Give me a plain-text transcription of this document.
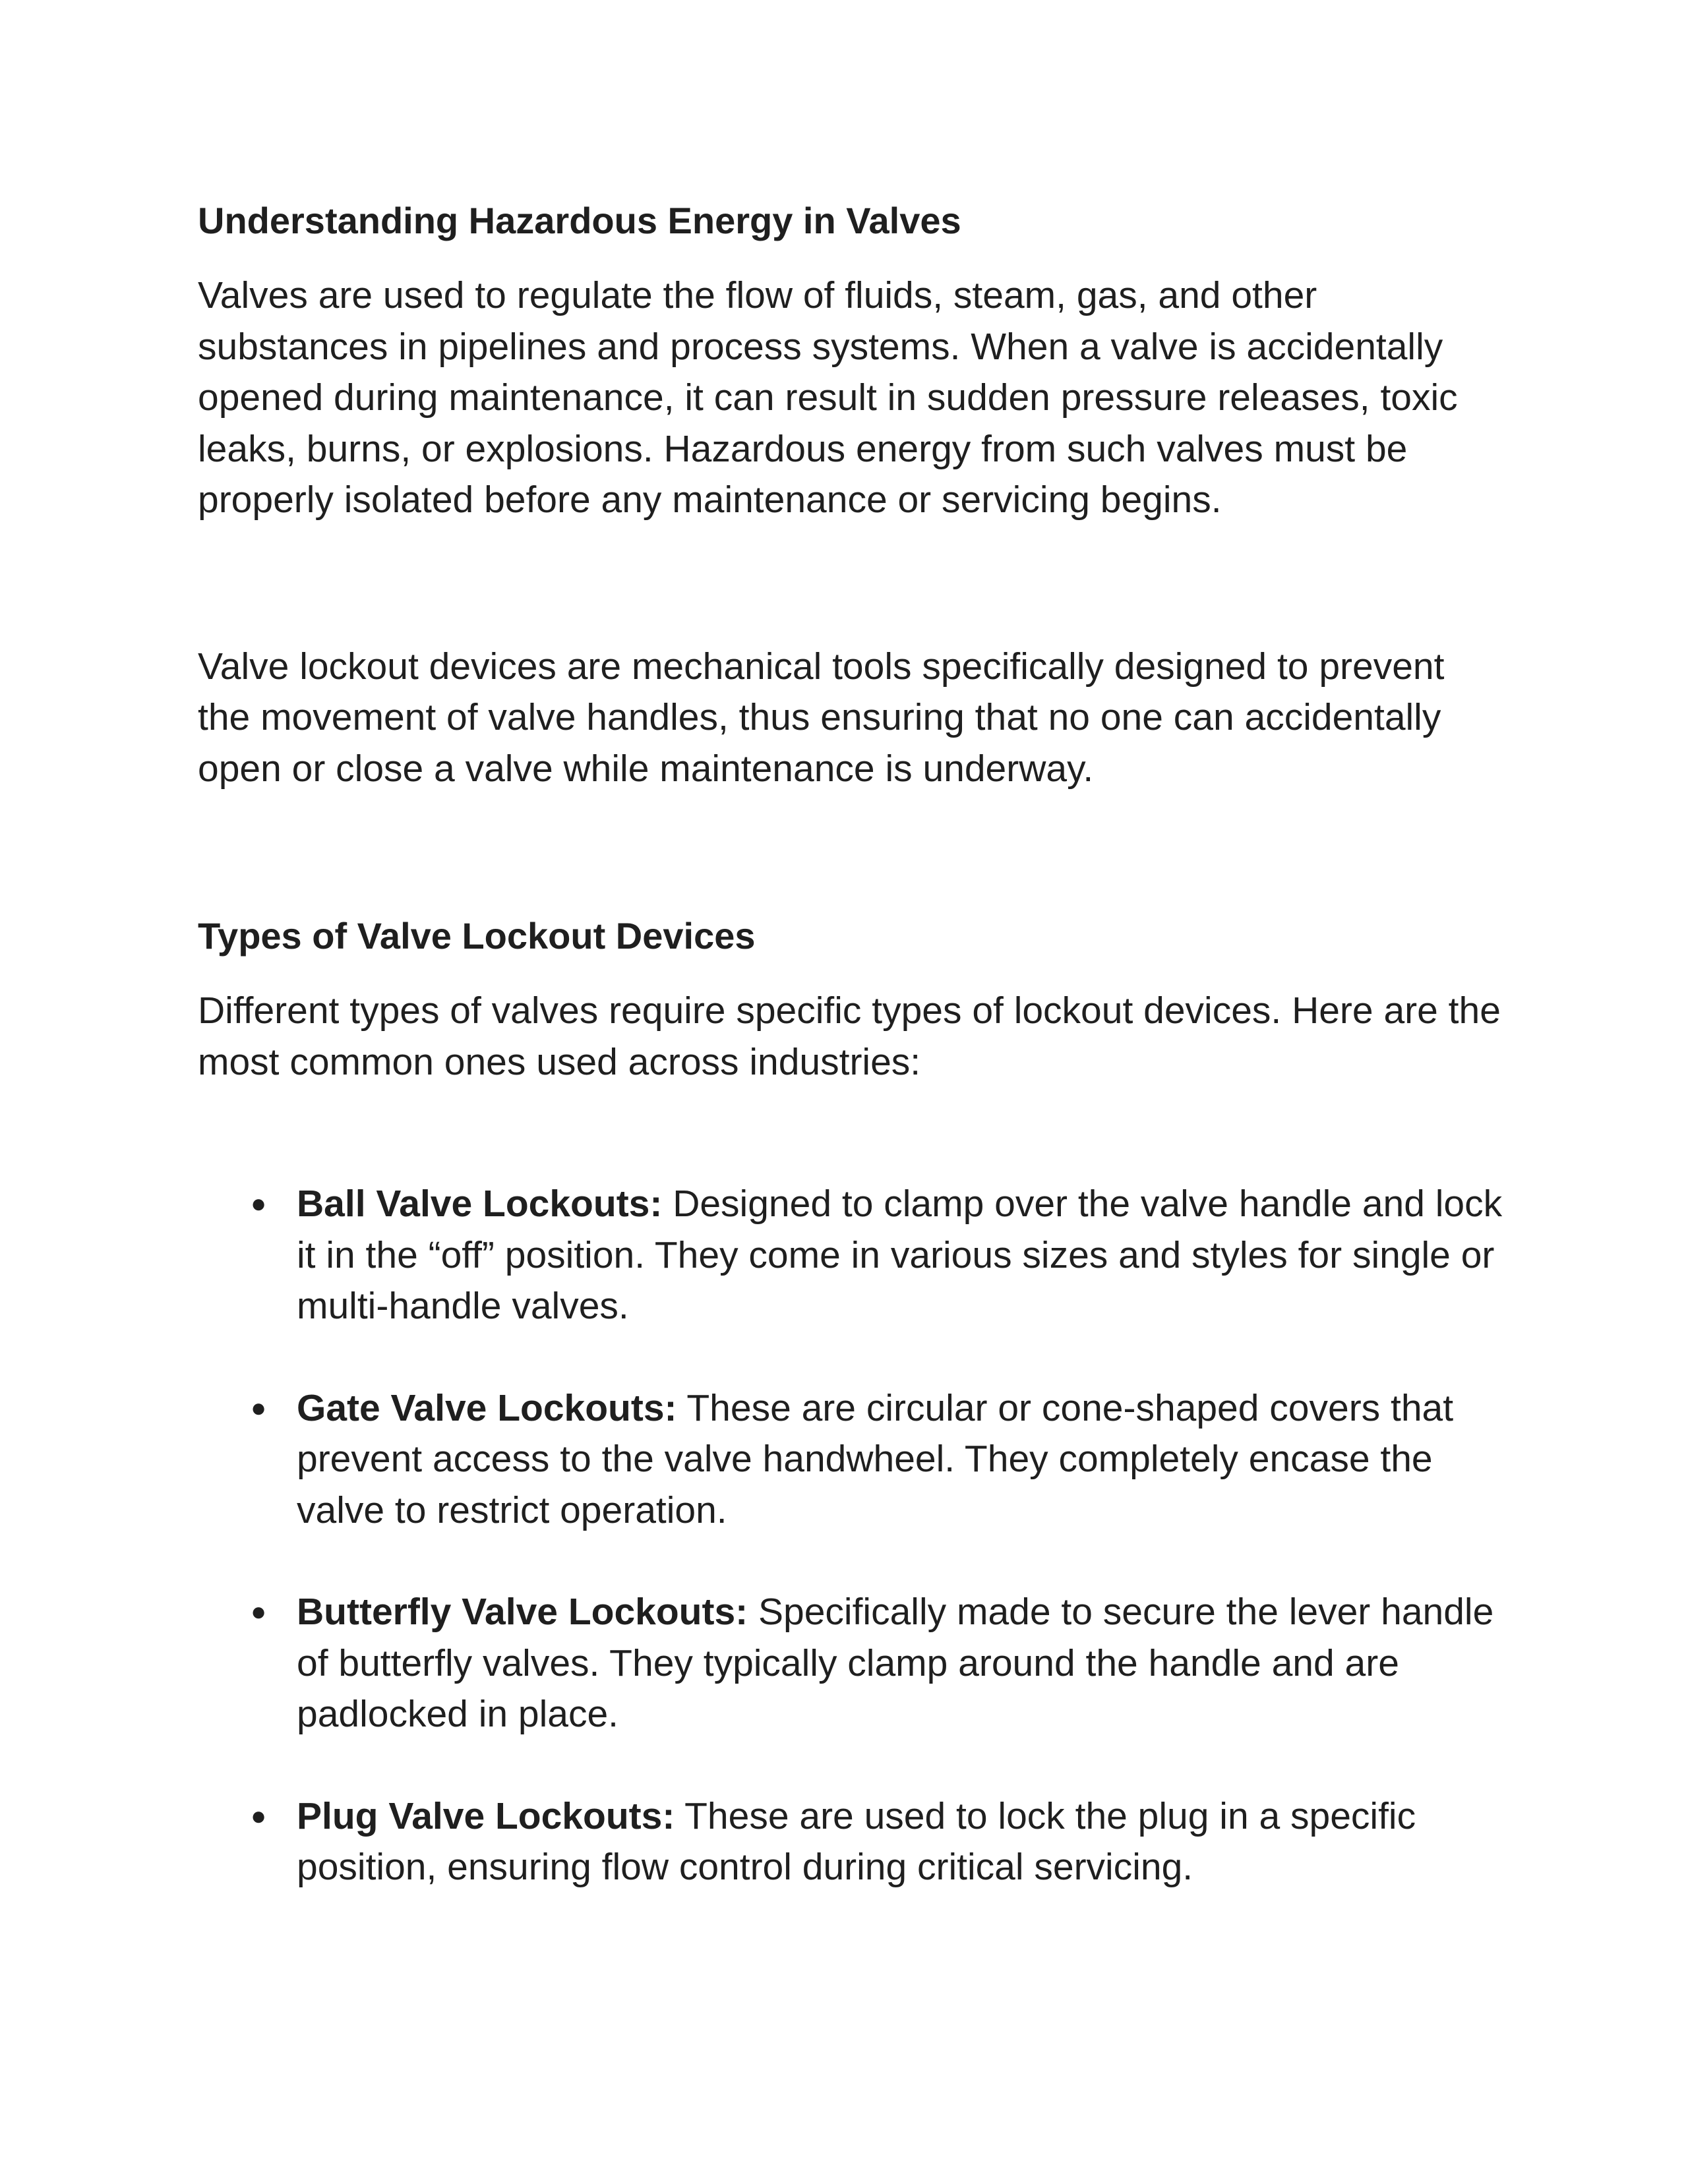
Understanding Hazardous Energy in Valves

Valves are used to regulate the flow of fluids, steam, gas, and other substances in pipelines and process systems. When a valve is accidentally opened during maintenance, it can result in sudden pressure releases, toxic leaks, burns, or explosions. Hazardous energy from such valves must be properly isolated before any maintenance or servicing begins.

Valve lockout devices are mechanical tools specifically designed to prevent the movement of valve handles, thus ensuring that no one can accidentally open or close a valve while maintenance is underway.

Types of Valve Lockout Devices

Different types of valves require specific types of lockout devices. Here are the most common ones used across industries:

● Ball Valve Lockouts: Designed to clamp over the valve handle and lock it in the “off” position. They come in various sizes and styles for single or multi-handle valves.
● Gate Valve Lockouts: These are circular or cone-shaped covers that prevent access to the valve handwheel. They completely encase the valve to restrict operation.
● Butterfly Valve Lockouts: Specifically made to secure the lever handle of butterfly valves. They typically clamp around the handle and are padlocked in place.
● Plug Valve Lockouts: These are used to lock the plug in a specific position, ensuring flow control during critical servicing.
